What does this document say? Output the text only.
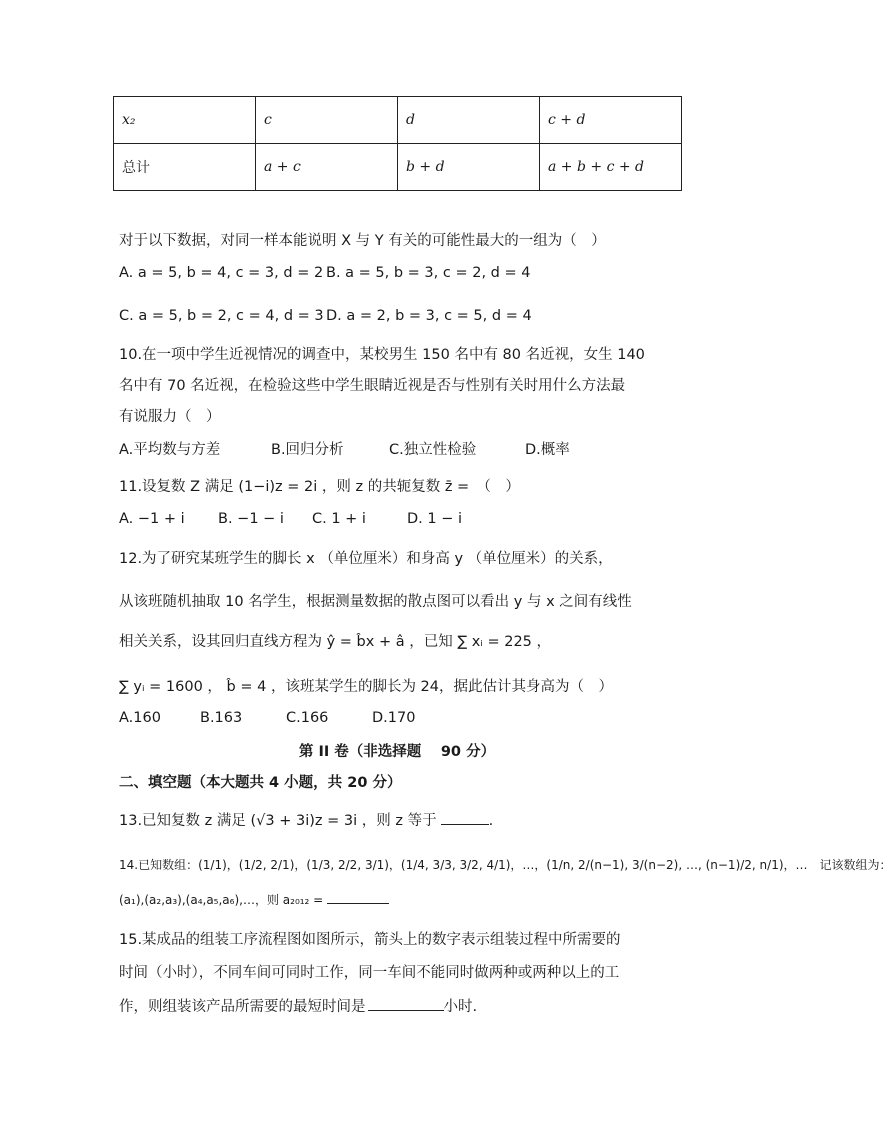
x₂	c	d	c + d
总计	a + c	b + d	a + b + c + d
对于以下数据，对同一样本能说明 X 与 Y 有关的可能性最大的一组为（　）
A. a = 5, b = 4, c = 3, d = 2 B. a = 5, b = 3, c = 2, d = 4
C. a = 5, b = 2, c = 4, d = 3 D. a = 2, b = 3, c = 5, d = 4
10.在一项中学生近视情况的调查中，某校男生 150 名中有 80 名近视，女生 140
名中有 70 名近视，在检验这些中学生眼睛近视是否与性别有关时用什么方法最
有说服力（　）
A.平均数与方差	B.回归分析	C.独立性检验	D.概率
11.设复数 Z 满足 (1−i)z = 2i ，则 z 的共轭复数 z̄ =　（　）
A. −1 + i B. −1 − i C. 1 + i	D. 1 − i
12.为了研究某班学生的脚长 x （单位厘米）和身高 y （单位厘米）的关系，
从该班随机抽取 10 名学生，根据测量数据的散点图可以看出 y 与 x 之间有线性
相关关系，设其回归直线方程为 ŷ = b̂x + â ，已知 ∑ xᵢ = 225 ，
∑ yᵢ = 1600 ， b̂ = 4 ，该班某学生的脚长为 24，据此估计其身高为（　）
A.160	B.163	C.166	D.170
第 II 卷（非选择题　 90 分）
二、填空题（本大题共 4 小题，共 20 分）
13.已知复数 z 满足 (√3 + 3i)z = 3i ，则 z 等于	.
14.已知数组：(1/1)，(1/2, 2/1)，(1/3, 2/2, 3/1)，(1/4, 3/3, 3/2, 4/1)，…，(1/n, 2/(n−1), 3/(n−2), …, (n−1)/2, n/1)，…　记该数组为：
(a₁),(a₂,a₃),(a₄,a₅,a₆),…，则 a₂₀₁₂ =
15.某成品的组装工序流程图如图所示，箭头上的数字表示组装过程中所需要的
时间（小时），不同车间可同时工作，同一车间不能同时做两种或两种以上的工
作，则组装该产品所需要的最短时间是	小时.
